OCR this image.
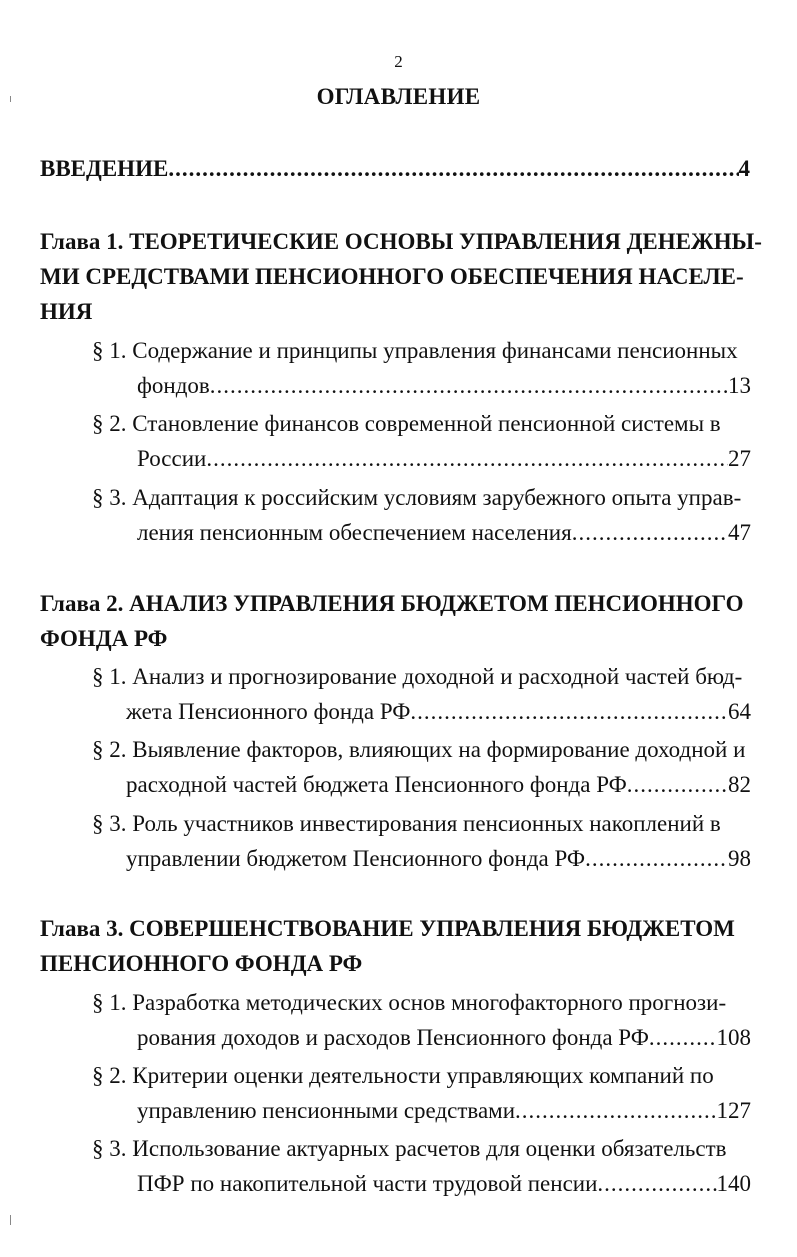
2
ОГЛАВЛЕНИЕ
ВВЕДЕНИЕ .....	4
Глава 1. ТЕОРЕТИЧЕСКИЕ ОСНОВЫ УПРАВЛЕНИЯ ДЕНЕЖНЫ-
МИ СРЕДСТВАМИ ПЕНСИОННОГО ОБЕСПЕЧЕНИЯ НАСЕЛЕ-
НИЯ
§ 1. Содержание и принципы управления финансами пенсионных
фондов .....	13
§ 2. Становление финансов современной пенсионной системы в
России .....	27
§ 3. Адаптация к российским условиям зарубежного опыта управ-
ления пенсионным обеспечением населения .....	47
Глава 2. АНАЛИЗ УПРАВЛЕНИЯ БЮДЖЕТОМ ПЕНСИОННОГО
ФОНДА РФ
§ 1. Анализ и прогнозирование доходной и расходной частей бюд-
жета Пенсионного фонда РФ .....	64
§ 2. Выявление факторов, влияющих на формирование доходной и
расходной частей бюджета Пенсионного фонда РФ .....	82
§ 3. Роль участников инвестирования пенсионных накоплений в
управлении бюджетом Пенсионного фонда РФ .....	98
Глава 3. СОВЕРШЕНСТВОВАНИЕ УПРАВЛЕНИЯ БЮДЖЕТОМ
ПЕНСИОННОГО ФОНДА РФ
§ 1. Разработка методических основ многофакторного прогнози-
рования доходов и расходов Пенсионного фонда РФ .....	108
§ 2. Критерии оценки деятельности управляющих компаний по
управлению пенсионными средствами .....	127
§ 3. Использование актуарных расчетов для оценки обязательств
ПФР по накопительной части трудовой пенсии .....	140
